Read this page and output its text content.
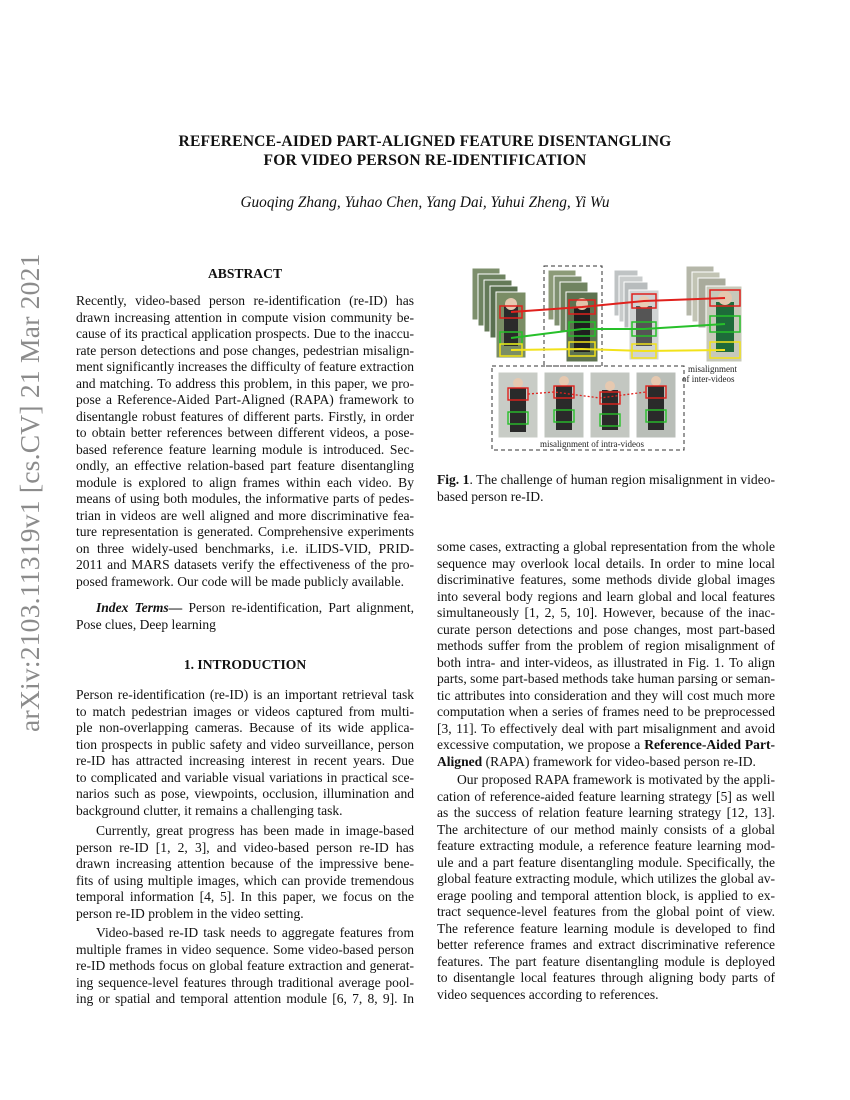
arXiv:2103.11319v1 [cs.CV] 21 Mar 2021
REFERENCE-AIDED PART-ALIGNED FEATURE DISENTANGLING
FOR VIDEO PERSON RE-IDENTIFICATION
Guoqing Zhang, Yuhao Chen, Yang Dai, Yuhui Zheng, Yi Wu
ABSTRACT
Recently, video-based person re-identification (re-ID) has
drawn increasing attention in compute vision community be-
cause of its practical application prospects. Due to the inaccu-
rate person detections and pose changes, pedestrian misalign-
ment significantly increases the difficulty of feature extraction
and matching. To address this problem, in this paper, we pro-
pose a Reference-Aided Part-Aligned (RAPA) framework to
disentangle robust features of different parts. Firstly, in order
to obtain better references between different videos, a pose-
based reference feature learning module is introduced. Sec-
ondly, an effective relation-based part feature disentangling
module is explored to align frames within each video. By
means of using both modules, the informative parts of pedes-
trian in videos are well aligned and more discriminative fea-
ture representation is generated. Comprehensive experiments
on three widely-used benchmarks, i.e. iLIDS-VID, PRID-
2011 and MARS datasets verify the effectiveness of the pro-
posed framework. Our code will be made publicly available.
Index Terms— Person re-identification, Part alignment,
Pose clues, Deep learning
1. INTRODUCTION
Person re-identification (re-ID) is an important retrieval task
to match pedestrian images or videos captured from multi-
ple non-overlapping cameras. Because of its wide applica-
tion prospects in public safety and video surveillance, person
re-ID has attracted increasing interest in recent years. Due
to complicated and variable visual variations in practical sce-
narios such as pose, viewpoints, occlusion, illumination and
background clutter, it remains a challenging task.
Currently, great progress has been made in image-based
person re-ID [1, 2, 3], and video-based person re-ID has
drawn increasing attention because of the impressive bene-
fits of using multiple images, which can provide tremendous
temporal information [4, 5]. In this paper, we focus on the
person re-ID problem in the video setting.
Video-based re-ID task needs to aggregate features from
multiple frames in video sequence. Some video-based person
re-ID methods focus on global feature extraction and generat-
ing sequence-level features through traditional average pool-
ing or spatial and temporal attention module [6, 7, 8, 9]. In
misalignment
of inter-videos
misalignment of intra-videos
Fig. 1. The challenge of human region misalignment in video-
based person re-ID.
some cases, extracting a global representation from the whole
sequence may overlook local details. In order to mine local
discriminative features, some methods divide global images
into several body regions and learn global and local features
simultaneously [1, 2, 5, 10]. However, because of the inac-
curate person detections and pose changes, most part-based
methods suffer from the problem of region misalignment of
both intra- and inter-videos, as illustrated in Fig. 1. To align
parts, some part-based methods take human parsing or seman-
tic attributes into consideration and they will cost much more
computation when a series of frames need to be preprocessed
[3, 11]. To effectively deal with part misalignment and avoid
excessive computation, we propose a Reference-Aided Part-
Aligned (RAPA) framework for video-based person re-ID.
Our proposed RAPA framework is motivated by the appli-
cation of reference-aided feature learning strategy [5] as well
as the success of relation feature learning strategy [12, 13].
The architecture of our method mainly consists of a global
feature extracting module, a reference feature learning mod-
ule and a part feature disentangling module. Specifically, the
global feature extracting module, which utilizes the global av-
erage pooling and temporal attention block, is applied to ex-
tract sequence-level features from the global point of view.
The reference feature learning module is developed to find
better reference frames and extract discriminative reference
features. The part feature disentangling module is deployed
to disentangle local features through aligning body parts of
video sequences according to references.
